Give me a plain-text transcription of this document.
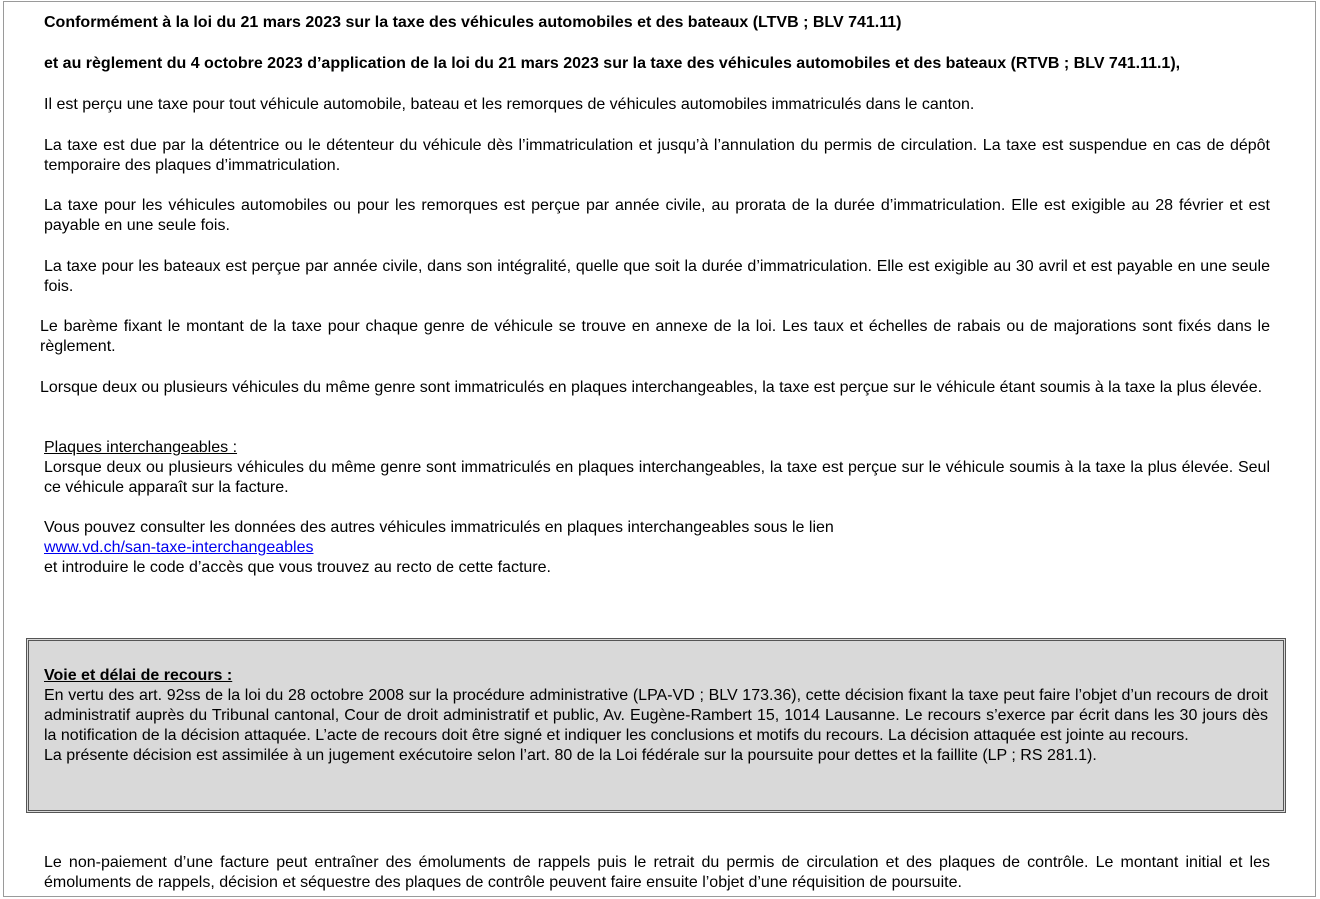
Conformément à la loi du 21 mars 2023 sur la taxe des véhicules automobiles et des bateaux (LTVB ; BLV 741.11)

et au règlement du 4 octobre 2023 d’application de la loi du 21 mars 2023 sur la taxe des véhicules automobiles et des bateaux (RTVB ; BLV 741.11.1),

Il est perçu une taxe pour tout véhicule automobile, bateau et les remorques de véhicules automobiles immatriculés dans le canton.

La taxe est due par la détentrice ou le détenteur du véhicule dès l’immatriculation et jusqu’à l’annulation du permis de circulation. La taxe est suspendue en cas de dépôt temporaire des plaques d’immatriculation.

La taxe pour les véhicules automobiles ou pour les remorques est perçue par année civile, au prorata de la durée d’immatriculation. Elle est exigible au 28 février et est payable en une seule fois.

La taxe pour les bateaux est perçue par année civile, dans son intégralité, quelle que soit la durée d’immatriculation. Elle est exigible au 30 avril et est payable en une seule fois.

Le barème fixant le montant de la taxe pour chaque genre de véhicule se trouve en annexe de la loi. Les taux et échelles de rabais ou de majorations sont fixés dans le règlement.

Lorsque deux ou plusieurs véhicules du même genre sont immatriculés en plaques interchangeables, la taxe est perçue sur le véhicule étant soumis à la taxe la plus élevée.

Plaques interchangeables :

Lorsque deux ou plusieurs véhicules du même genre sont immatriculés en plaques interchangeables, la taxe est perçue sur le véhicule soumis à la taxe la plus élevée. Seul ce véhicule apparaît sur la facture.
Vous pouvez consulter les données des autres véhicules immatriculés en plaques interchangeables sous le lien
www.vd.ch/san-taxe-interchangeables
et introduire le code d’accès que vous trouvez au recto de cette facture.
Voie et délai de recours :

En vertu des art. 92ss de la loi du 28 octobre 2008 sur la procédure administrative (LPA-VD ; BLV 173.36), cette décision fixant la taxe peut faire l’objet d’un recours de droit administratif auprès du Tribunal cantonal, Cour de droit administratif et public, Av. Eugène-Rambert 15, 1014 Lausanne. Le recours s’exerce par écrit dans les 30 jours dès la notification de la décision attaquée. L’acte de recours doit être signé et indiquer les conclusions et motifs du recours. La décision attaquée est jointe au recours.
La présente décision est assimilée à un jugement exécutoire selon l’art. 80 de la Loi fédérale sur la poursuite pour dettes et la faillite (LP ; RS 281.1).

Le non-paiement d’une facture peut entraîner des émoluments de rappels puis le retrait du permis de circulation et des plaques de contrôle. Le montant initial et les émoluments de rappels, décision et séquestre des plaques de contrôle peuvent faire ensuite l’objet d’une réquisition de poursuite.
